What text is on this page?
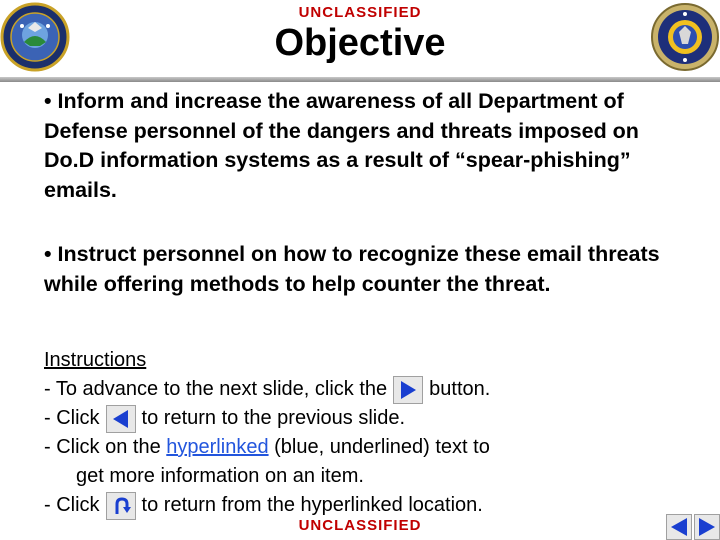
UNCLASSIFIED
Objective
• Inform and increase the awareness of all Department of Defense personnel of the dangers and threats imposed on Do.D information systems as a result of “spear-phishing” emails.
• Instruct personnel on how to recognize these email threats while offering methods to help counter the threat.
Instructions
- To advance to the next slide, click the button.
- Click to return to the previous slide.
- Click on the hyperlinked (blue, underlined) text to
get more information on an item.
- Click to return from the hyperlinked location.
UNCLASSIFIED
